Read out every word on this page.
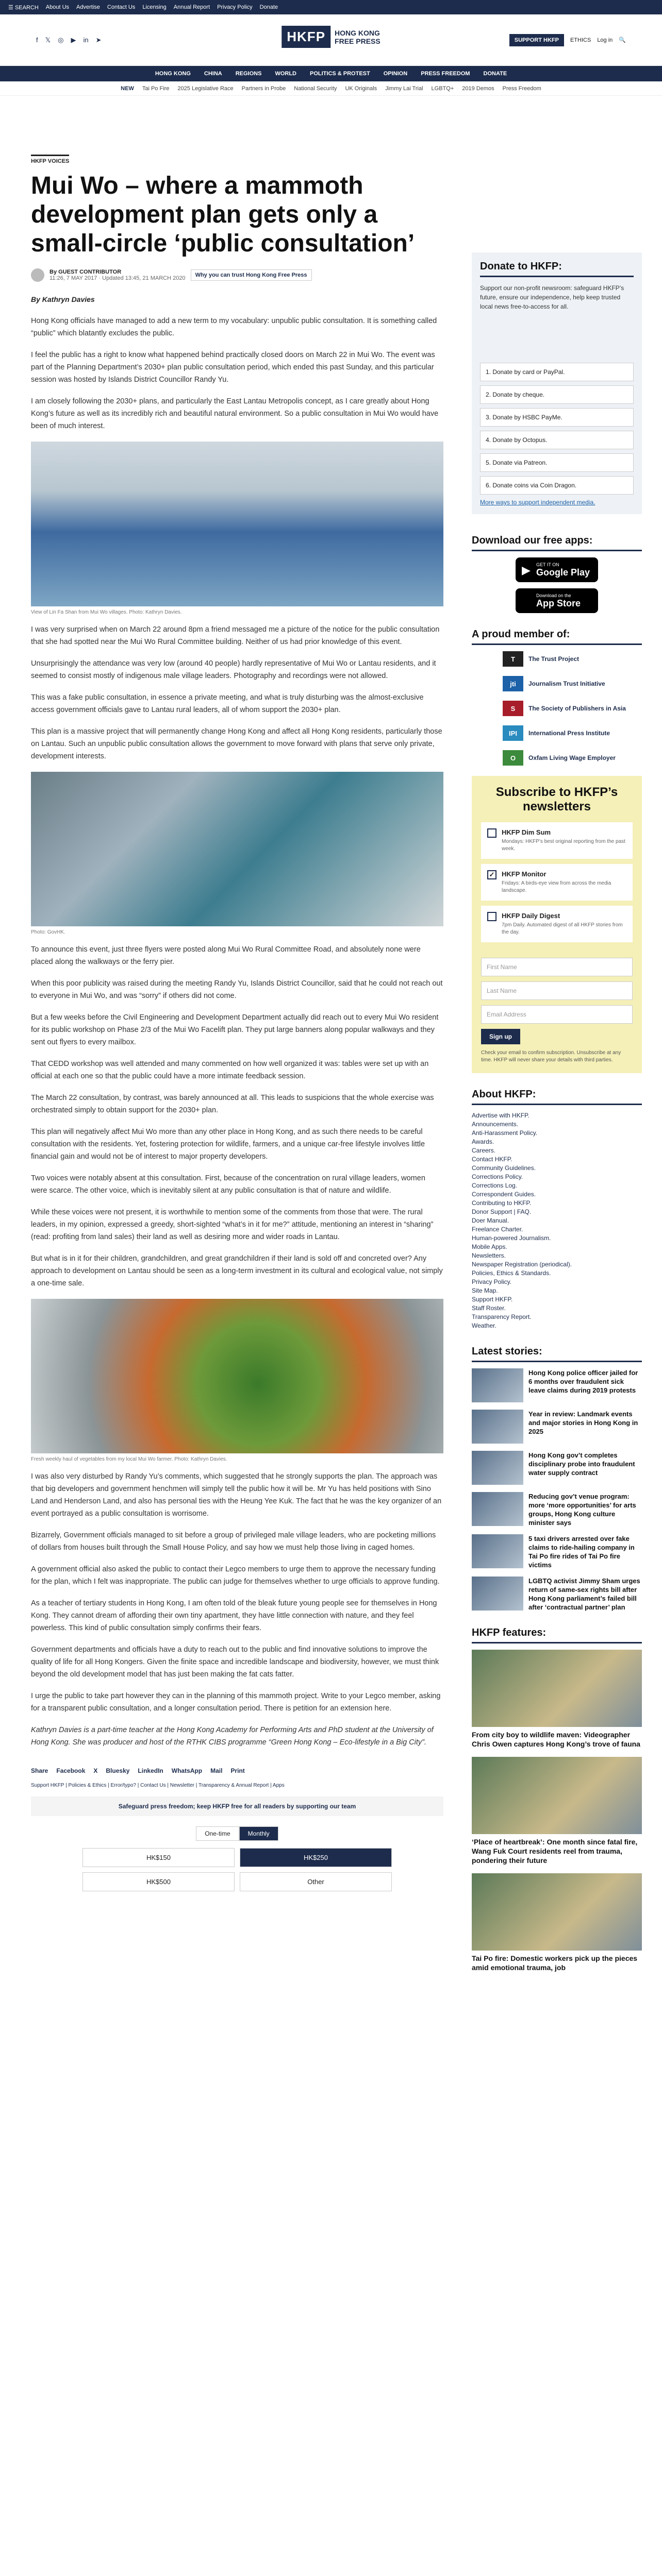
☰ SEARCH About Us Advertise Contact Us Licensing Annual Report Privacy Policy Donate
f 𝕏 ◎ ▶ in ➤	HKFP	HONG KONG
FREE PRESS	SUPPORT HKFP	ETHICS Log in 🔍
HONG KONG CHINA REGIONS WORLD POLITICS & PROTEST OPINION PRESS FREEDOM DONATE
NEW Tai Po Fire 2025 Legislative Race Partners in Probe National Security UK Originals Jimmy Lai Trial LGBTQ+ 2019 Demos Press Freedom
HKFP VOICES
Mui Wo – where a mammoth development plan gets only a small-circle ‘public consultation’
By GUEST CONTRIBUTOR
11:26, 7 MAY 2017 · Updated 13:45, 21 MARCH 2020	Why you can trust Hong Kong Free Press
By Kathryn Davies

Hong Kong officials have managed to add a new term to my vocabulary: unpublic public consultation. It is something called “public” which blatantly excludes the public.

I feel the public has a right to know what happened behind practically closed doors on March 22 in Mui Wo. The event was part of the Planning Department’s 2030+ plan public consultation period, which ended this past Sunday, and this particular session was hosted by Islands District Councillor Randy Yu.

I am closely following the 2030+ plans, and particularly the East Lantau Metropolis concept, as I care greatly about Hong Kong’s future as well as its incredibly rich and beautiful natural environment. So a public consultation in Mui Wo would have been of much interest.

View of Lin Fa Shan from Mui Wo villages. Photo: Kathryn Davies.

I was very surprised when on March 22 around 8pm a friend messaged me a picture of the notice for the public consultation that she had spotted near the Mui Wo Rural Committee building. Neither of us had prior knowledge of this event.

Unsurprisingly the attendance was very low (around 40 people) hardly representative of Mui Wo or Lantau residents, and it seemed to consist mostly of indigenous male village leaders. Photography and recordings were not allowed.

This was a fake public consultation, in essence a private meeting, and what is truly disturbing was the almost-exclusive access government officials gave to Lantau rural leaders, all of whom support the 2030+ plan.

This plan is a massive project that will permanently change Hong Kong and affect all Hong Kong residents, particularly those on Lantau. Such an unpublic public consultation allows the government to move forward with plans that serve only private, development interests.

Photo: GovHK.

To announce this event, just three flyers were posted along Mui Wo Rural Committee Road, and absolutely none were placed along the walkways or the ferry pier.

When this poor publicity was raised during the meeting Randy Yu, Islands District Councillor, said that he could not reach out to everyone in Mui Wo, and was “sorry” if others did not come.

But a few weeks before the Civil Engineering and Development Department actually did reach out to every Mui Wo resident for its public workshop on Phase 2/3 of the Mui Wo Facelift plan. They put large banners along popular walkways and they sent out flyers to every mailbox.

That CEDD workshop was well attended and many commented on how well organized it was: tables were set up with an official at each one so that the public could have a more intimate feedback session.

The March 22 consultation, by contrast, was barely announced at all. This leads to suspicions that the whole exercise was orchestrated simply to obtain support for the 2030+ plan.

This plan will negatively affect Mui Wo more than any other place in Hong Kong, and as such there needs to be careful consultation with the residents. Yet, fostering protection for wildlife, farmers, and a unique car-free lifestyle involves little financial gain and would not be of interest to major property developers.

Two voices were notably absent at this consultation. First, because of the concentration on rural village leaders, women were scarce. The other voice, which is inevitably silent at any public consultation is that of nature and wildlife.

While these voices were not present, it is worthwhile to mention some of the comments from those that were. The rural leaders, in my opinion, expressed a greedy, short-sighted “what’s in it for me?” attitude, mentioning an interest in “sharing” (read: profiting from land sales) their land as well as desiring more and wider roads in Lantau.

But what is in it for their children, grandchildren, and great grandchildren if their land is sold off and concreted over? Any approach to development on Lantau should be seen as a long-term investment in its cultural and ecological value, not simply a one-time sale.

Fresh weekly haul of vegetables from my local Mui Wo farmer. Photo: Kathryn Davies.

I was also very disturbed by Randy Yu’s comments, which suggested that he strongly supports the plan. The approach was that big developers and government henchmen will simply tell the public how it will be. Mr Yu has held positions with Sino Land and Henderson Land, and also has personal ties with the Heung Yee Kuk. The fact that he was the key organizer of an event portrayed as a public consultation is worrisome.

Bizarrely, Government officials managed to sit before a group of privileged male village leaders, who are pocketing millions of dollars from houses built through the Small House Policy, and say how we must help those living in caged homes.

A government official also asked the public to contact their Legco members to urge them to approve the necessary funding for the plan, which I felt was inappropriate. The public can judge for themselves whether to urge officials to approve funding.

As a teacher of tertiary students in Hong Kong, I am often told of the bleak future young people see for themselves in Hong Kong. They cannot dream of affording their own tiny apartment, they have little connection with nature, and they feel powerless. This kind of public consultation simply confirms their fears.

Government departments and officials have a duty to reach out to the public and find innovative solutions to improve the quality of life for all Hong Kongers. Given the finite space and incredible landscape and biodiversity, however, we must think beyond the old development model that has just been making the fat cats fatter.

I urge the public to take part however they can in the planning of this mammoth project. Write to your Legco member, asking for a transparent public consultation, and a longer consultation period. There is petition for an extension here.

Kathryn Davies is a part-time teacher at the Hong Kong Academy for Performing Arts and PhD student at the University of Hong Kong. She was producer and host of the RTHK CIBS programme “Green Hong Kong – Eco-lifestyle in a Big City”.

Share Facebook X Bluesky LinkedIn WhatsApp Mail Print
Support HKFP | Policies & Ethics | Error/typo? | Contact Us | Newsletter | Transparency & Annual Report | Apps
Safeguard press freedom; keep HKFP free for all readers by supporting our team
One-time	Monthly
HK$150	HK$250
HK$500	Other
Donate to HKFP:

Support our non-profit newsroom: safeguard HKFP’s future, ensure our independence, help keep trusted local news free-to-access for all.

1. Donate by card or PayPal.
2. Donate by cheque.
3. Donate by HSBC PayMe.
4. Donate by Octopus.
5. Donate via Patreon.
6. Donate coins via Coin Dragon.
More ways to support independent media.
Download our free apps:
▶ GET IT ON
Google Play
Download on the
App Store
A proud member of:
T	The Trust Project
jti	Journalism Trust Initiative
S	The Society of Publishers in Asia
IPI	International Press Institute
O	Oxfam Living Wage Employer
Subscribe to HKFP’s newsletters
HKFP Dim Sum
Mondays: HKFP’s best original reporting from the past week.
✓ HKFP Monitor
Fridays: A birds-eye view from across the media landscape.
HKFP Daily Digest
7pm Daily. Automated digest of all HKFP stories from the day.
First Name
Last Name
Email Address
Sign up
Check your email to confirm subscription. Unsubscribe at any time. HKFP will never share your details with third parties.
About HKFP:
Advertise with HKFP.
Announcements.
Anti-Harassment Policy.
Awards.
Careers.
Contact HKFP.
Community Guidelines.
Corrections Policy.
Corrections Log.
Correspondent Guides.
Contributing to HKFP.
Donor Support | FAQ.
Doer Manual.
Freelance Charter.
Human-powered Journalism.
Mobile Apps.
Newsletters.
Newspaper Registration (periodical).
Policies, Ethics & Standards.
Privacy Policy.
Site Map.
Support HKFP.
Staff Roster.
Transparency Report.
Weather.
Latest stories:
Hong Kong police officer jailed for 6 months over fraudulent sick leave claims during 2019 protests
Year in review: Landmark events and major stories in Hong Kong in 2025
Hong Kong gov’t completes disciplinary probe into fraudulent water supply contract
Reducing gov’t venue program: more ‘more opportunities’ for arts groups, Hong Kong culture minister says
5 taxi drivers arrested over fake claims to ride-hailing company in Tai Po fire rides of Tai Po fire victims
LGBTQ activist Jimmy Sham urges return of same-sex rights bill after Hong Kong parliament’s failed bill after ‘contractual partner’ plan
HKFP features:
From city boy to wildlife maven: Videographer Chris Owen captures Hong Kong’s trove of fauna
‘Place of heartbreak’: One month since fatal fire, Wang Fuk Court residents reel from trauma, pondering their future
Tai Po fire: Domestic workers pick up the pieces amid emotional trauma, job
